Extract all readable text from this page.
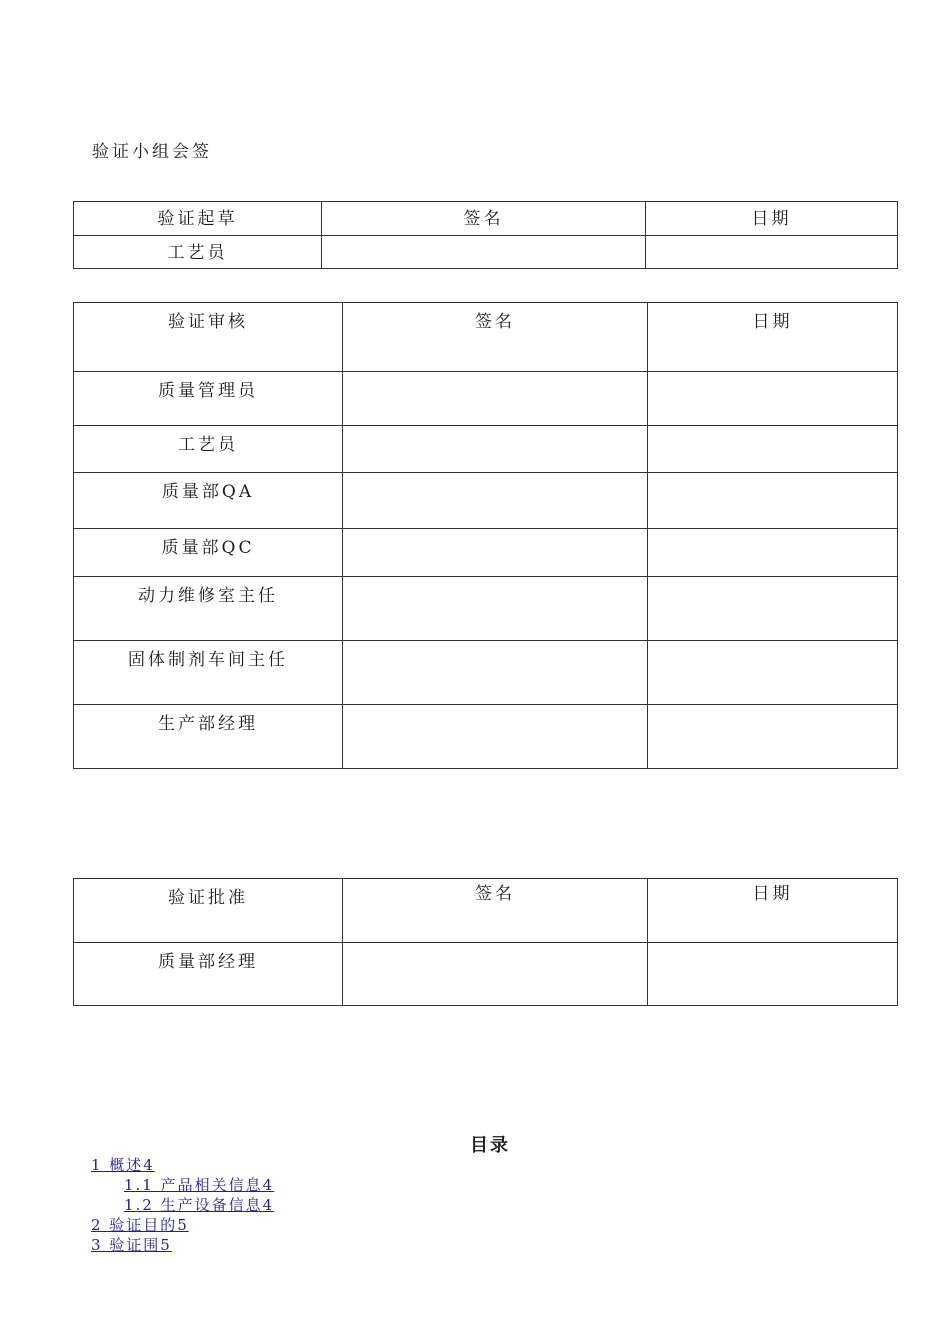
验证小组会签
验证起草	签名	日期
工艺员		
验证审核	签名	日期
质量管理员		
工艺员		
质量部QA		
质量部QC		
动力维修室主任		
固体制剂车间主任		
生产部经理		
验证批准	签名	日期
质量部经理		
目录
1 概述4
1.1 产品相关信息4
1.2 生产设备信息4
2 验证目的5
3 验证围5
